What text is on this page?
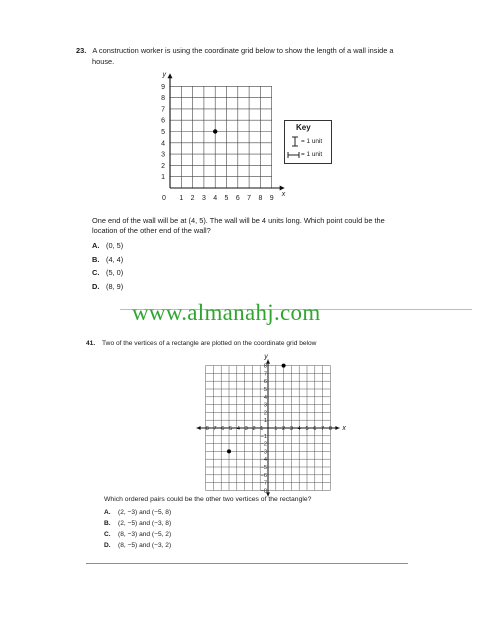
23. A construction worker is using the coordinate grid below to show the length of a wall inside a
house.
y
x
0 1 2 3 4 5 6 7 8 9
1
2
3
4
5
6
7
8
9
Key
= 1 unit
= 1 unit
One end of the wall will be at (4, 5). The wall will be 4 units long. Which point could be the
location of the other end of the wall?
A. (0, 5)
B. (4, 4)
C. (5, 0)
D. (8, 9)
www.almanahj.com
41. Two of the vertices of a rectangle are plotted on the coordinate grid below
x
y
−8 −7 −6 −5 −4 −3 −2 −1 1 2 3 4 5 6 7 8
8
7
6
5
4
3
2
1
−1
−2
−3
−4
−5
−6
−7
−8
Which ordered pairs could be the other two vertices of the rectangle?
A. (2, −3) and (−5, 8)
B. (2, −5) and (−3, 8)
C. (8, −3) and (−5, 2)
D. (8, −5) and (−3, 2)
